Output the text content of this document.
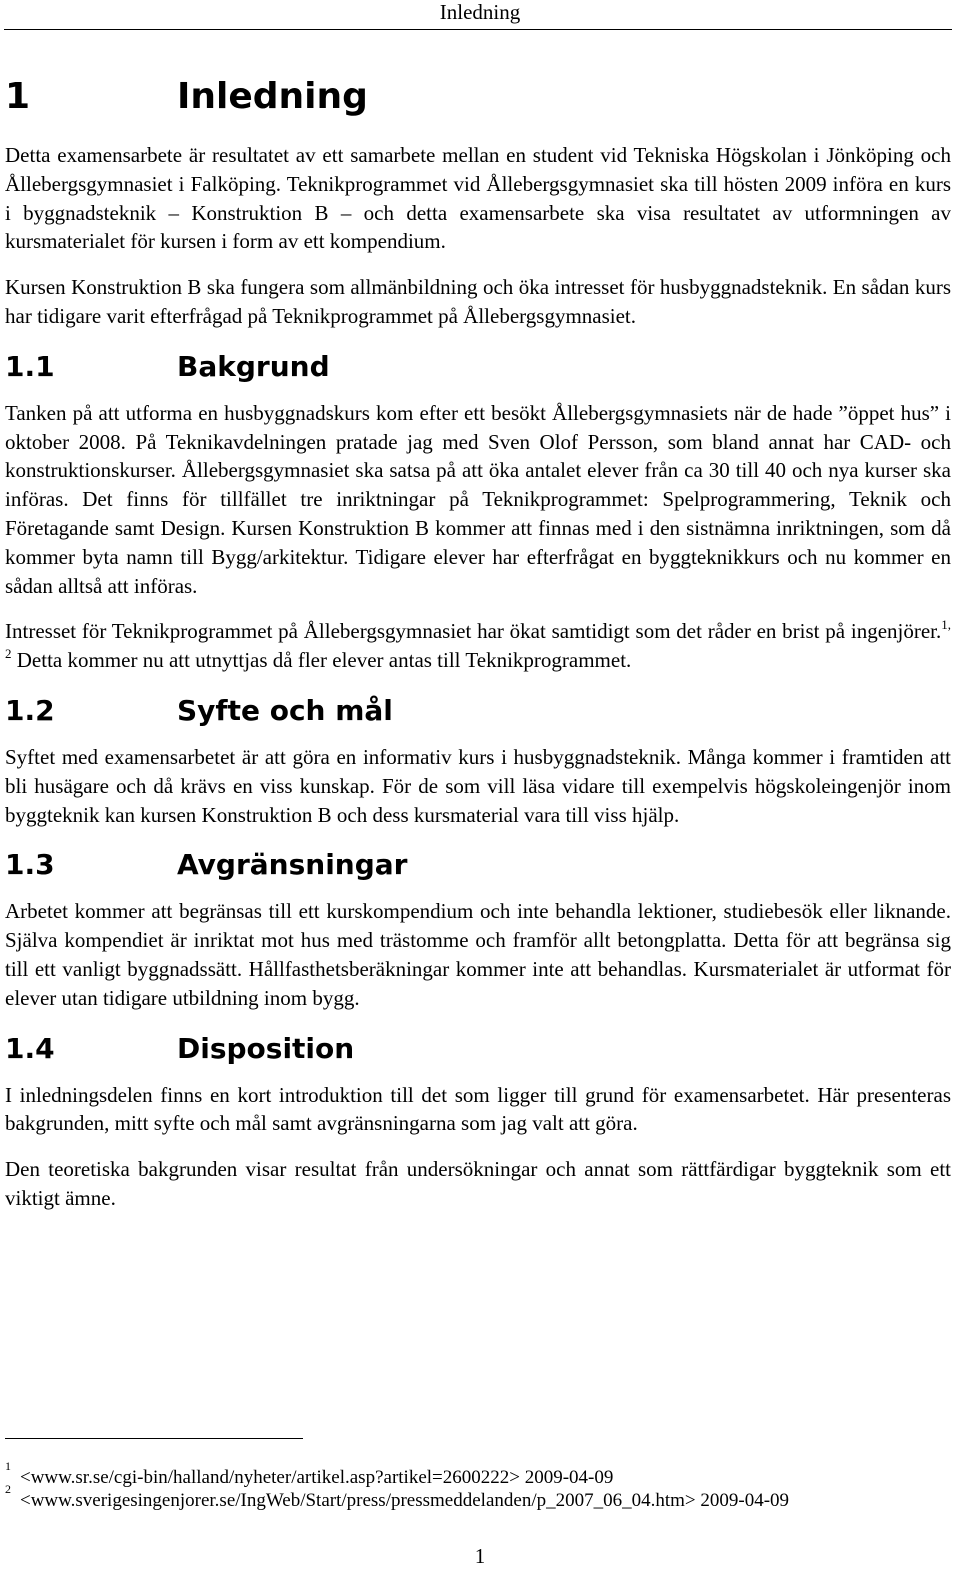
Inledning
1	Inledning

Detta examensarbete är resultatet av ett samarbete mellan en student vid Tekniska Högskolan i Jönköping och Ållebergsgymnasiet i Falköping. Teknikprogrammet vid Ållebergsgymnasiet ska till hösten 2009 införa en kurs i byggnadsteknik – Konstruktion B – och detta examensarbete ska visa resultatet av utformningen av kursmaterialet för kursen i form av ett kompendium.

Kursen Konstruktion B ska fungera som allmänbildning och öka intresset för husbyggnadsteknik. En sådan kurs har tidigare varit efterfrågad på Teknikprogrammet på Ållebergsgymnasiet.

1.1	Bakgrund

Tanken på att utforma en husbyggnadskurs kom efter ett besökt Ållebergsgymnasiets när de hade ”öppet hus” i oktober 2008. På Teknikavdelningen pratade jag med Sven Olof Persson, som bland annat har CAD- och konstruktionskurser. Ållebergsgymnasiet ska satsa på att öka antalet elever från ca 30 till 40 och nya kurser ska införas. Det finns för tillfället tre inriktningar på Teknikprogrammet: Spelprogrammering, Teknik och Företagande samt Design. Kursen Konstruktion B kommer att finnas med i den sistnämna inriktningen, som då kommer byta namn till Bygg/arkitektur. Tidigare elever har efterfrågat en byggteknikkurs och nu kommer en sådan alltså att införas.

Intresset för Teknikprogrammet på Ållebergsgymnasiet har ökat samtidigt som det råder en brist på ingenjörer.$^{1, 2}$ Detta kommer nu att utnyttjas då fler elever antas till Teknikprogrammet.

1.2	Syfte och mål

Syftet med examensarbetet är att göra en informativ kurs i husbyggnadsteknik. Många kommer i framtiden att bli husägare och då krävs en viss kunskap. För de som vill läsa vidare till exempelvis högskoleingenjör inom byggteknik kan kursen Konstruktion B och dess kursmaterial vara till viss hjälp.

1.3	Avgränsningar

Arbetet kommer att begränsas till ett kurskompendium och inte behandla lektioner, studiebesök eller liknande. Själva kompendiet är inriktat mot hus med trästomme och framför allt betongplatta. Detta för att begränsa sig till ett vanligt byggnadssätt. Hållfasthetsberäkningar kommer inte att behandlas. Kursmaterialet är utformat för elever utan tidigare utbildning inom bygg.

1.4	Disposition

I inledningsdelen finns en kort introduktion till det som ligger till grund för examensarbetet. Här presenteras bakgrunden, mitt syfte och mål samt avgränsningarna som jag valt att göra.

Den teoretiska bakgrunden visar resultat från undersökningar och annat som rättfärdigar byggteknik som ett viktigt ämne.

1
<www.sr.se/cgi-bin/halland/nyheter/artikel.asp?artikel=2600222> 2009-04-09
2
<www.sverigesingenjorer.se/IngWeb/Start/press/pressmeddelanden/p_2007_06_04.htm> 2009-04-09
1
